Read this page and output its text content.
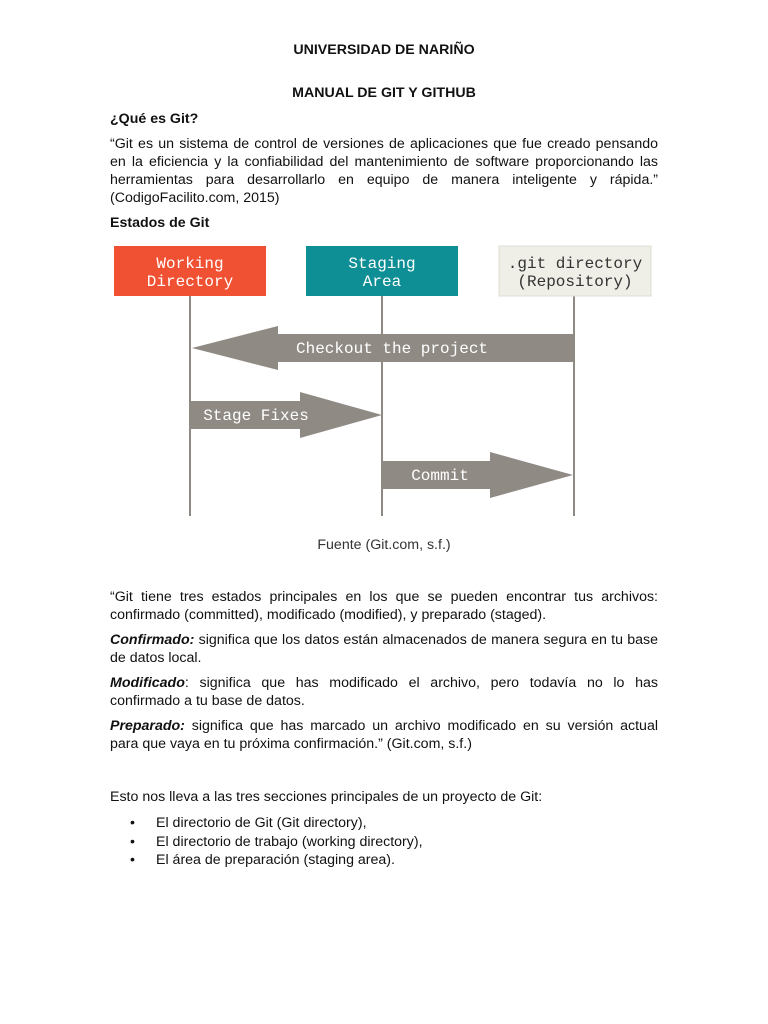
UNIVERSIDAD DE NARIÑO
MANUAL DE GIT Y GITHUB
¿Qué es Git?
“Git es un sistema de control de versiones de aplicaciones que fue creado pensando en la eficiencia y la confiabilidad del mantenimiento de software proporcionando las herramientas para desarrollarlo en equipo de manera inteligente y rápida.” (CodigoFacilito.com, 2015)
Estados de Git
Working
Directory
Staging
Area
.git directory
(Repository)
Checkout the project
Stage Fixes
Commit
Fuente (Git.com, s.f.)
“Git tiene tres estados principales en los que se pueden encontrar tus archivos: confirmado (committed), modificado (modified), y preparado (staged).
Confirmado: significa que los datos están almacenados de manera segura en tu base de datos local.
Modificado: significa que has modificado el archivo, pero todavía no lo has confirmado a tu base de datos.
Preparado: significa que has marcado un archivo modificado en su versión actual para que vaya en tu próxima confirmación.” (Git.com, s.f.)
Esto nos lleva a las tres secciones principales de un proyecto de Git:
• El directorio de Git (Git directory),
• El directorio de trabajo (working directory),
• El área de preparación (staging area).
